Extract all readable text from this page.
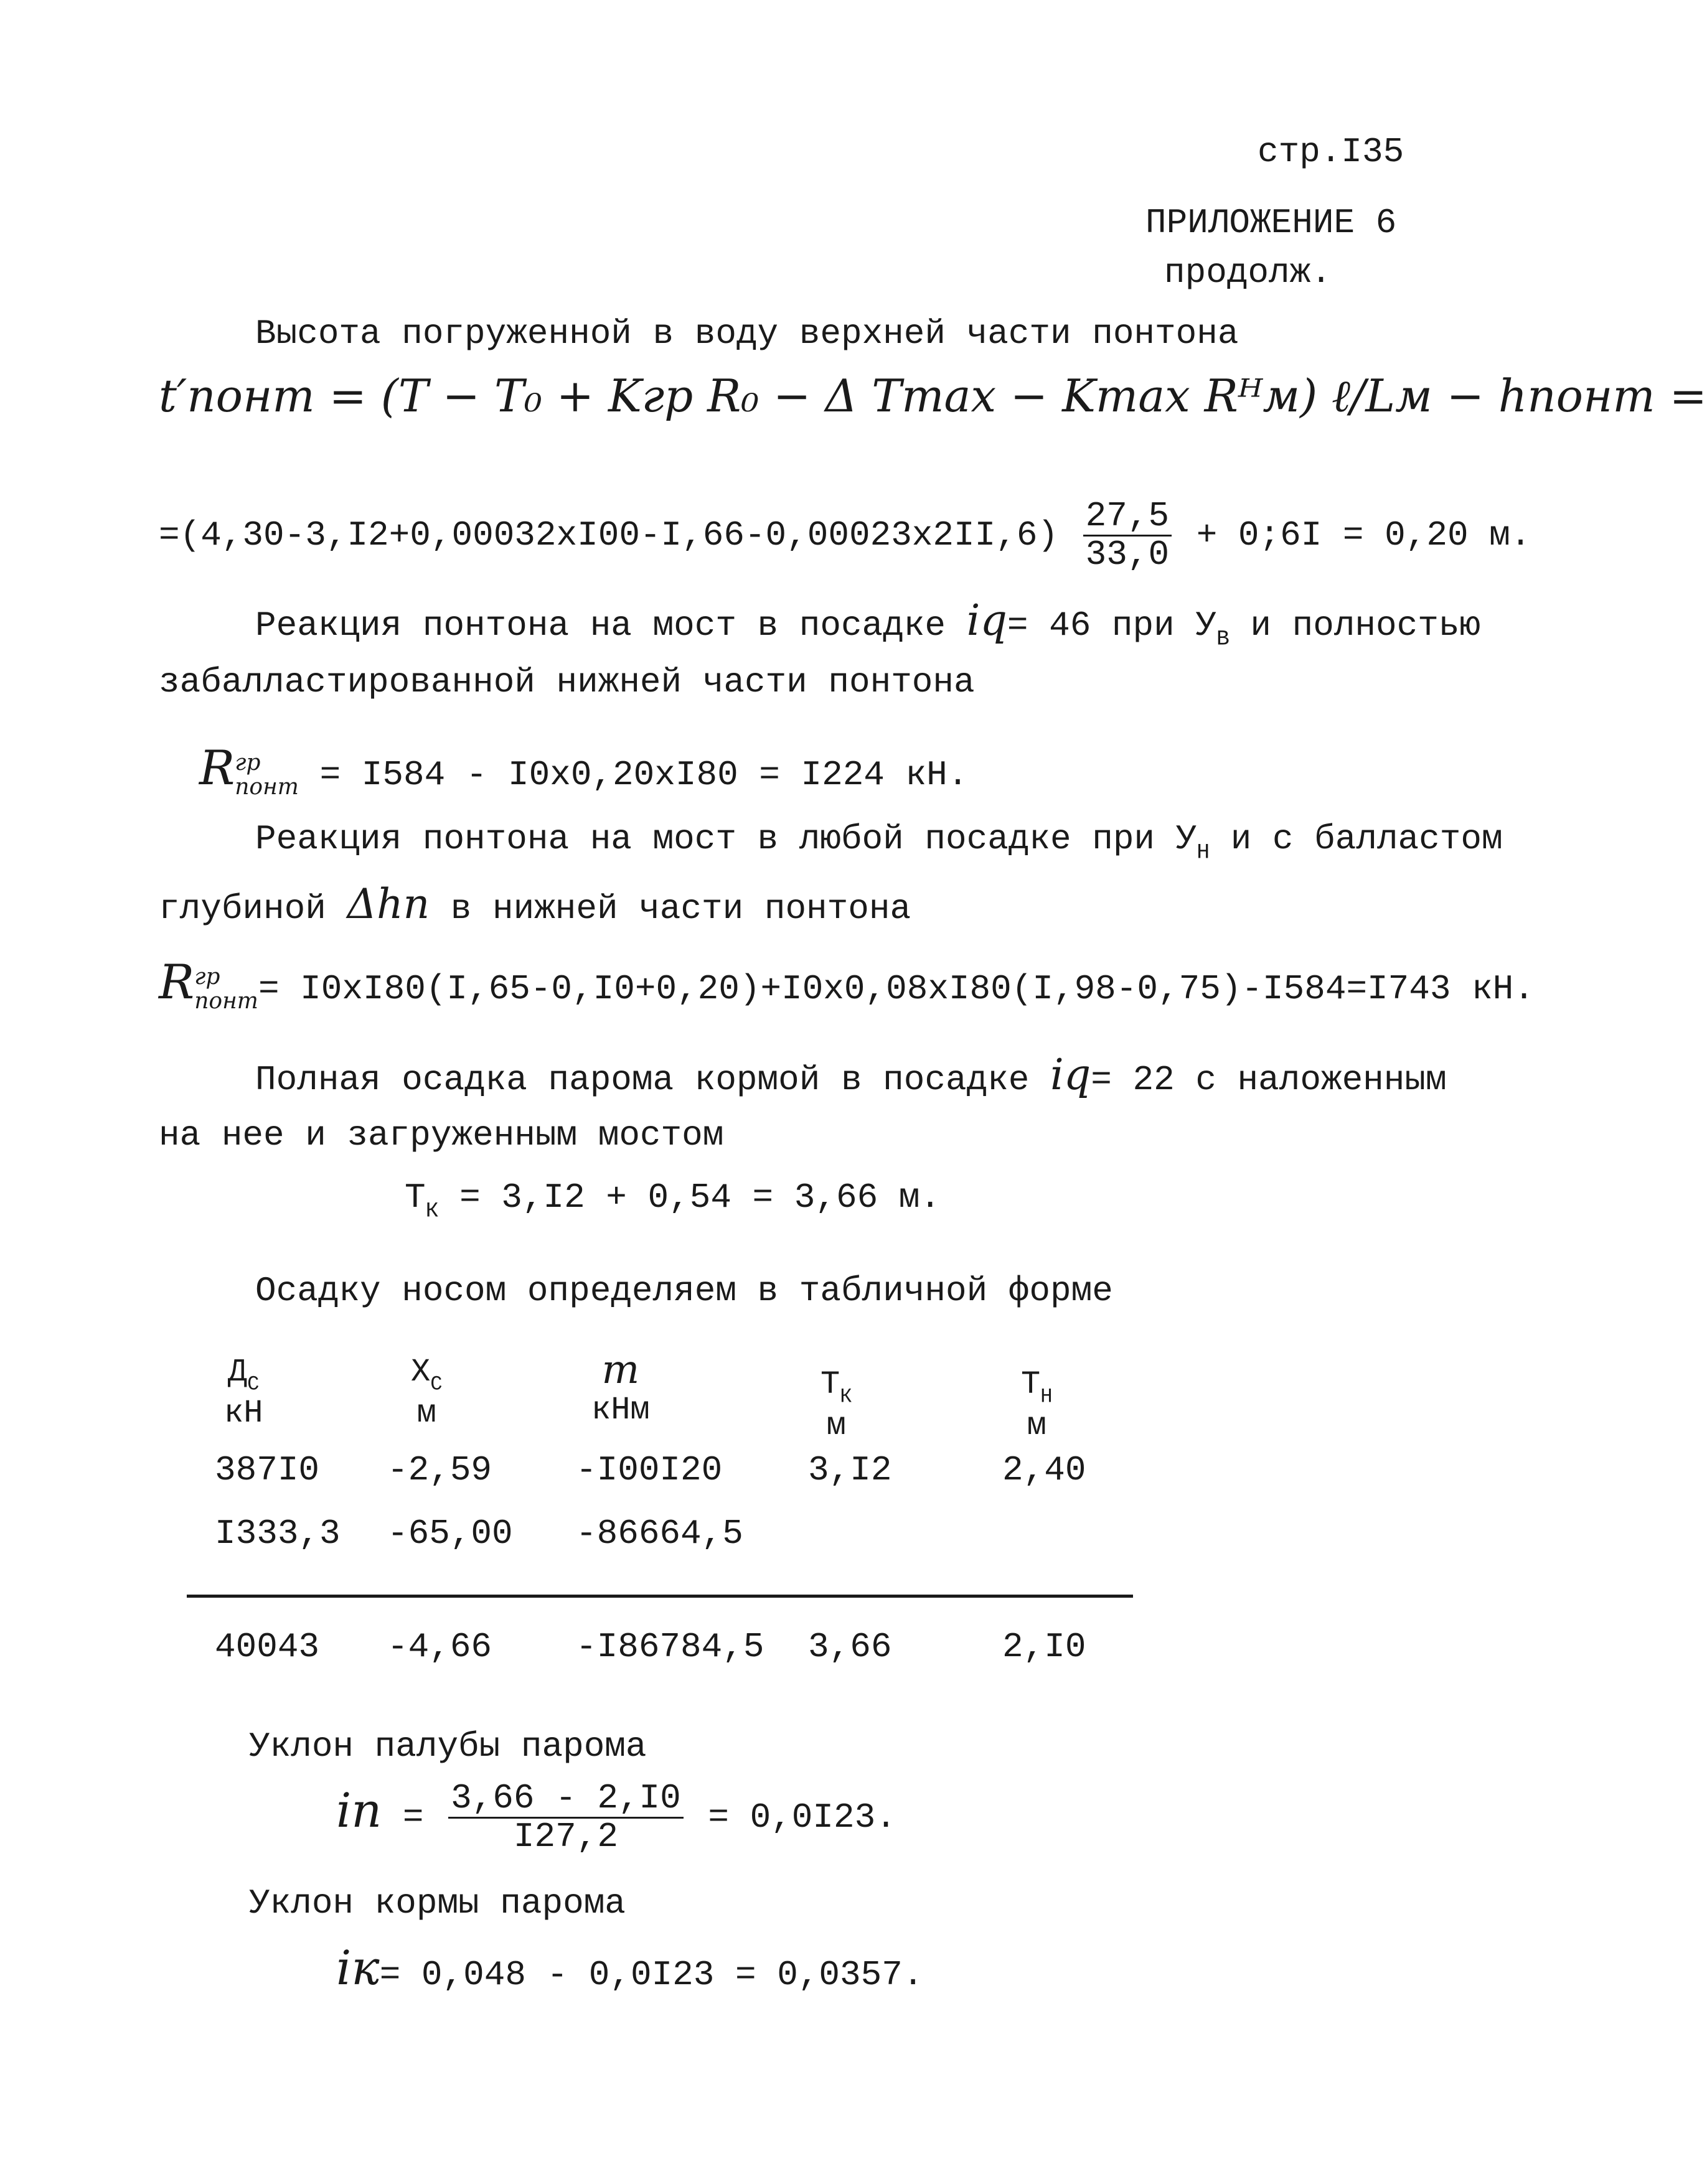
стр.I35
ПРИЛОЖЕНИЕ 6
продолж.
Высота погруженной в воду верхней части понтона
t′понт = (T − T₀ + Kгр R₀ − Δ Tmax − Kmax Rᴴм) ℓ/Lм − hпонт =
$=(4,30-3,I2+0,00032xI00-I,66-0,00023x2II,6) \frac{27,5}{33,0}$ + 0;6I = 0,20 м.
Реакция понтона на мост в посадке iq= 46 при $У_В$ и полностью
забалластированной нижней части понтона
R гр
понт = I584 - I0x0,20xI80 = I224 кН.
Реакция понтона на мост в любой посадке при $У_Н$ и с балластом
глубиной Δhп в нижней части понтона
R гр
понт = I0xI80(I,65-0,I0+0,20)+I0x0,08xI80(I,98-0,75)-I584=I743 кН.
Полная осадка парома кормой в посадке iq= 22 с наложенным
на нее и загруженным мостом
$Т_К = 3,I2 + 0,54 = 3,66$ м.
Осадку носом определяем в табличной форме
$Д_С$
кН
$Х_С$
м
m
кНм
$Т_К$
м
$Т_Н$
м
387I0 -2,59 -I00I20 3,I2	2,40
I333,3 -65,00 -86664,5
40043 -4,66 -I86784,5 3,66	2,I0
Уклон палубы парома
iп = $\frac{3,66 - 2,I0}{I27,2} = 0,0I23$.
Уклон кормы парома
iк= 0,048 - 0,0I23 = 0,0357.
